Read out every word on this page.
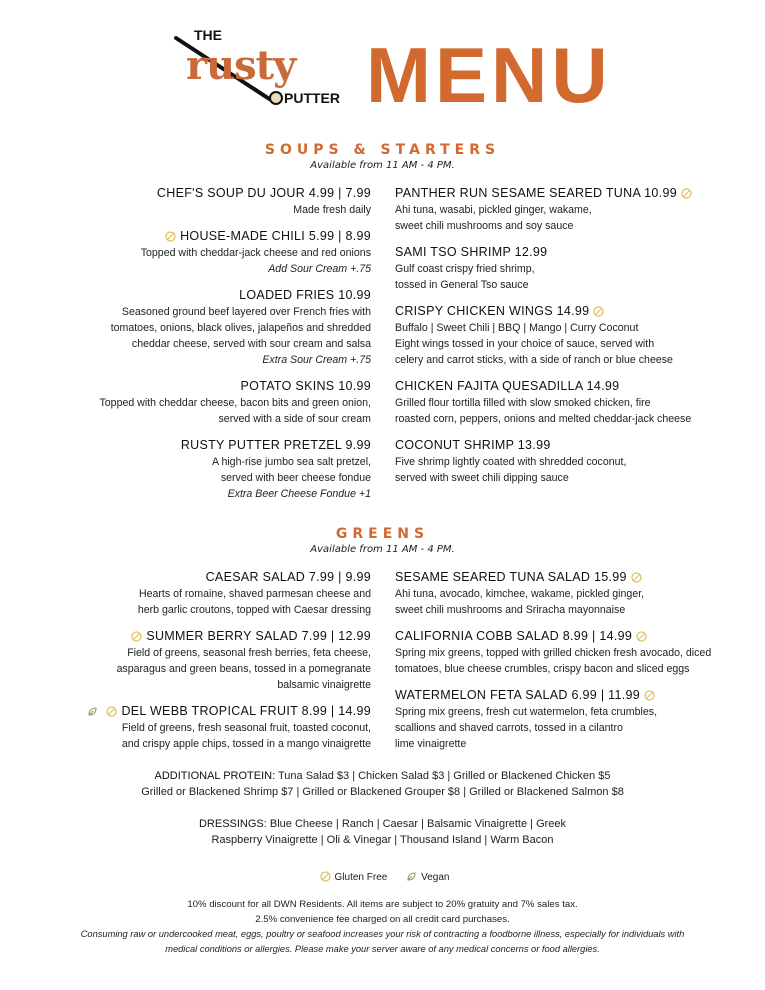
THE
rusty
PUTTER MENU
SOUPS & STARTERS
Available from 11 AM - 4 PM.
CHEF'S SOUP DU JOUR 4.99 | 7.99
Made fresh daily
HOUSE-MADE CHILI 5.99 | 8.99
Topped with cheddar-jack cheese and red onions
Add Sour Cream +.75
LOADED FRIES 10.99
Seasoned ground beef layered over French fries with
tomatoes, onions, black olives, jalapeños and shredded
cheddar cheese, served with sour cream and salsa
Extra Sour Cream +.75
POTATO SKINS 10.99
Topped with cheddar cheese, bacon bits and green onion,
served with a side of sour cream
RUSTY PUTTER PRETZEL 9.99
A high-rise jumbo sea salt pretzel,
served with beer cheese fondue
Extra Beer Cheese Fondue +1
PANTHER RUN SESAME SEARED TUNA 10.99
Ahi tuna, wasabi, pickled ginger, wakame,
sweet chili mushrooms and soy sauce
SAMI TSO SHRIMP 12.99
Gulf coast crispy fried shrimp,
tossed in General Tso sauce
CRISPY CHICKEN WINGS 14.99
Buffalo | Sweet Chili | BBQ | Mango | Curry Coconut
Eight wings tossed in your choice of sauce, served with
celery and carrot sticks, with a side of ranch or blue cheese
CHICKEN FAJITA QUESADILLA 14.99
Grilled flour tortilla filled with slow smoked chicken, fire
roasted corn, peppers, onions and melted cheddar-jack cheese
COCONUT SHRIMP 13.99
Five shrimp lightly coated with shredded coconut,
served with sweet chili dipping sauce
GREENS
Available from 11 AM - 4 PM.
CAESAR SALAD 7.99 | 9.99
Hearts of romaine, shaved parmesan cheese and
herb garlic croutons, topped with Caesar dressing
SUMMER BERRY SALAD 7.99 | 12.99
Field of greens, seasonal fresh berries, feta cheese,
asparagus and green beans, tossed in a pomegranate
balsamic vinaigrette
DEL WEBB TROPICAL FRUIT 8.99 | 14.99
Field of greens, fresh seasonal fruit, toasted coconut,
and crispy apple chips, tossed in a mango vinaigrette
SESAME SEARED TUNA SALAD 15.99
Ahi tuna, avocado, kimchee, wakame, pickled ginger,
sweet chili mushrooms and Sriracha mayonnaise
CALIFORNIA COBB SALAD 8.99 | 14.99
Spring mix greens, topped with grilled chicken fresh avocado, diced
tomatoes, blue cheese crumbles, crispy bacon and sliced eggs
WATERMELON FETA SALAD 6.99 | 11.99
Spring mix greens, fresh cut watermelon, feta crumbles,
scallions and shaved carrots, tossed in a cilantro
lime vinaigrette
ADDITIONAL PROTEIN: Tuna Salad $3 | Chicken Salad $3 | Grilled or Blackened Chicken $5
Grilled or Blackened Shrimp $7 | Grilled or Blackened Grouper $8 | Grilled or Blackened Salmon $8
DRESSINGS: Blue Cheese | Ranch | Caesar | Balsamic Vinaigrette | Greek
Raspberry Vinaigrette | Oli & Vinegar | Thousand Island | Warm Bacon
Gluten Free	Vegan
10% discount for all DWN Residents. All items are subject to 20% gratuity and 7% sales tax.
2.5% convenience fee charged on all credit card purchases.
Consuming raw or undercooked meat, eggs, poultry or seafood increases your risk of contracting a foodborne illness, especially for individuals with
medical conditions or allergies. Please make your server aware of any medical concerns or food allergies.
